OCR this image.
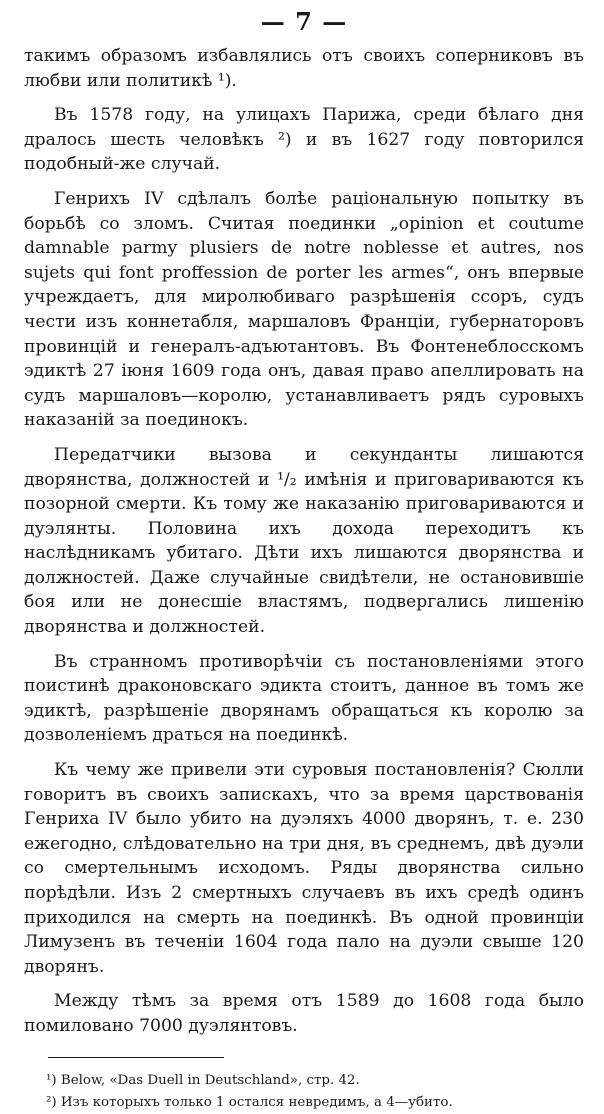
— 7 —

такимъ образомъ избавлялись отъ своихъ соперниковъ въ любви или политикѣ ¹).

Въ 1578 году, на улицахъ Парижа, среди бѣлаго дня дралось шесть человѣкъ ²) и въ 1627 году повторился подобный-же случай.

Генрихъ IV сдѣлалъ болѣе раціональную попытку въ борьбѣ со зломъ. Считая поединки „opinion et coutume damnable parmy plusiers de notre noblesse et autres, nos sujets qui font proffession de porter les armes“, онъ впервые учреждаетъ, для миролюбиваго разрѣшенія ссоръ, судъ чести изъ коннетабля, маршаловъ Франціи, губернаторовъ провинцій и генералъ-адъютантовъ. Въ Фонтенеблосскомъ эдиктѣ 27 іюня 1609 года онъ, давая право апеллировать на судъ маршаловъ—королю, устанавливаетъ рядъ суровыхъ наказаній за поединокъ.

Передатчики вызова и секунданты лишаются дворянства, должностей и ¹/₂ имѣнія и приговариваются къ позорной смерти. Къ тому же наказанію приговариваются и дуэлянты. Половина ихъ дохода переходитъ къ наслѣдникамъ убитаго. Дѣти ихъ лишаются дворянства и должностей. Даже случайные свидѣтели, не остановившіе боя или не донесшіе властямъ, подвергались лишенію дворянства и должностей.

Въ странномъ противорѣчіи съ постановленіями этого поистинѣ драконовскаго эдикта стоитъ, данное въ томъ же эдиктѣ, разрѣшеніе дворянамъ обращаться къ королю за дозволеніемъ драться на поединкѣ.

Къ чему же привели эти суровыя постановленія? Сюлли говоритъ въ своихъ запискахъ, что за время царствованія Генриха IV было убито на дуэляхъ 4000 дворянъ, т. е. 230 ежегодно, слѣдовательно на три дня, въ среднемъ, двѣ дуэли со смертельнымъ исходомъ. Ряды дворянства сильно порѣдѣли. Изъ 2 смертныхъ случаевъ въ ихъ средѣ одинъ приходился на смерть на поединкѣ. Въ одной провинціи Лимузенъ въ теченіи 1604 года пало на дуэли свыше 120 дворянъ.

Между тѣмъ за время отъ 1589 до 1608 года было помиловано 7000 дуэлянтовъ.

¹) Below, «Das Duell in Deutschland», стр. 42.
²) Изъ которыхъ только 1 остался невредимъ, а 4—убито.
